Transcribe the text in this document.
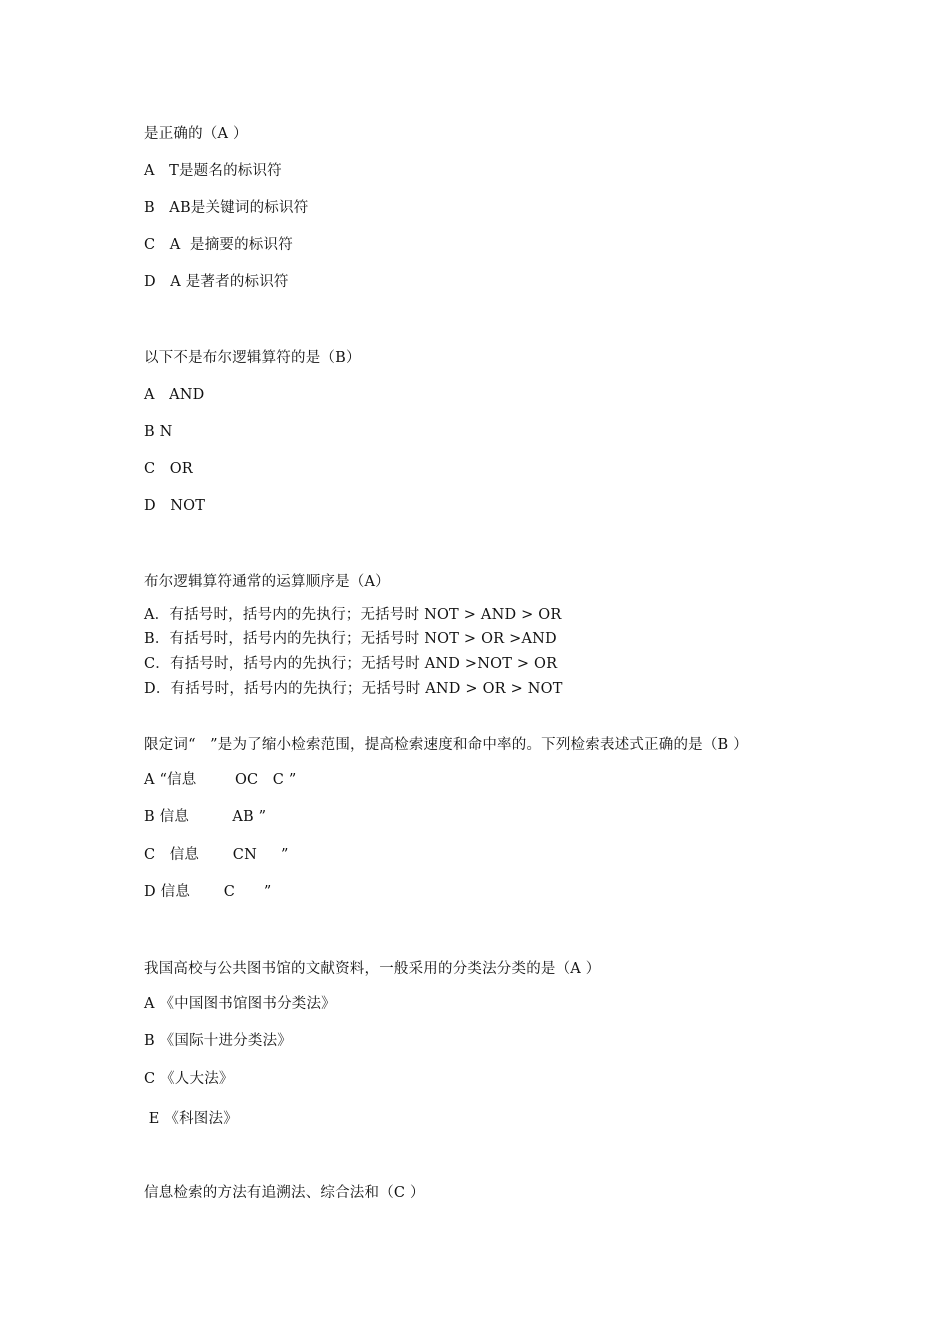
是正确的（A ）
A   T是题名的标识符
B   AB是关键词的标识符
C   A  是摘要的标识符
D   A 是著者的标识符
以下不是布尔逻辑算符的是（B）
A   AND
B N
C   OR
D   NOT
布尔逻辑算符通常的运算顺序是（A）
A．有括号时，括号内的先执行；无括号时 NOT > AND > OR
B．有括号时，括号内的先执行；无括号时 NOT > OR >AND
C．有括号时，括号内的先执行；无括号时 AND >NOT > OR
D．有括号时，括号内的先执行；无括号时 AND > OR > NOT
限定词“   ”是为了缩小检索范围，提高检索速度和命中率的。下列检索表述式正确的是（B ）
A “信息        OC   C ”
B 信息         AB ”
C   信息       CN     ”
D 信息       C      ”
我国高校与公共图书馆的文献资料，一般采用的分类法分类的是（A ）
A 《中国图书馆图书分类法》
B 《国际十进分类法》
C 《人大法》
E 《科图法》
信息检索的方法有追溯法、综合法和（C ）
